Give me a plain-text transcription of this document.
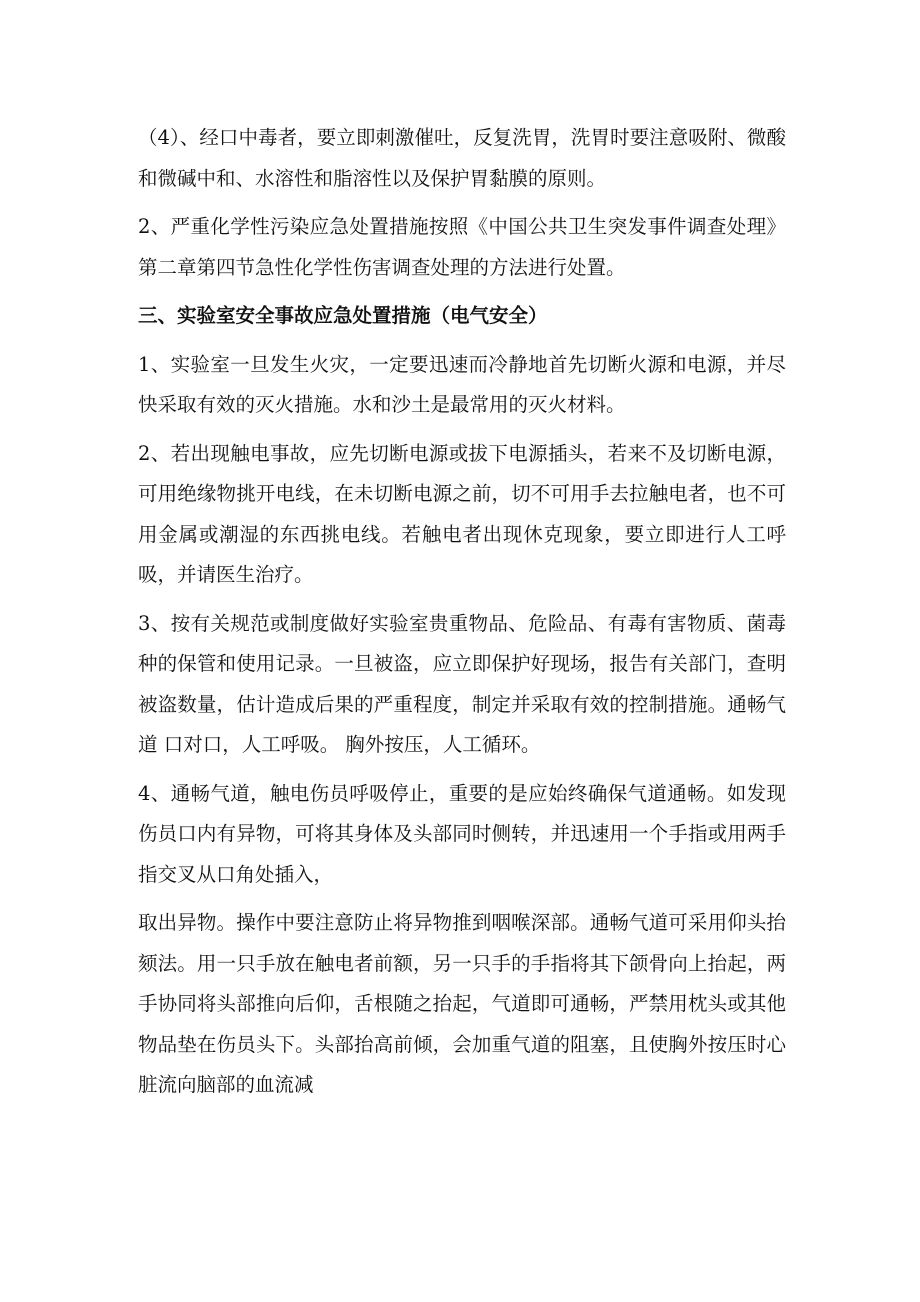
（4）、经口中毒者，要立即刺激催吐，反复洗胃，洗胃时要注意吸附、微酸和微碱中和、水溶性和脂溶性以及保护胃黏膜的原则。

2、严重化学性污染应急处置措施按照《中国公共卫生突发事件调查处理》第二章第四节急性化学性伤害调查处理的方法进行处置。

三、实验室安全事故应急处置措施（电气安全）

1、实验室一旦发生火灾，一定要迅速而冷静地首先切断火源和电源，并尽快采取有效的灭火措施。水和沙土是最常用的灭火材料。

2、若出现触电事故，应先切断电源或拔下电源插头，若来不及切断电源，可用绝缘物挑开电线，在未切断电源之前，切不可用手去拉触电者，也不可用金属或潮湿的东西挑电线。若触电者出现休克现象，要立即进行人工呼吸，并请医生治疗。

3、按有关规范或制度做好实验室贵重物品、危险品、有毒有害物质、菌毒种的保管和使用记录。一旦被盗，应立即保护好现场，报告有关部门，查明被盗数量，估计造成后果的严重程度，制定并采取有效的控制措施。通畅气道 口对口，人工呼吸。 胸外按压，人工循环。

4、通畅气道，触电伤员呼吸停止，重要的是应始终确保气道通畅。如发现伤员口内有异物，可将其身体及头部同时侧转，并迅速用一个手指或用两手指交叉从口角处插入，

取出异物。操作中要注意防止将异物推到咽喉深部。通畅气道可采用仰头抬颏法。用一只手放在触电者前额，另一只手的手指将其下颌骨向上抬起，两手协同将头部推向后仰，舌根随之抬起，气道即可通畅，严禁用枕头或其他物品垫在伤员头下。头部抬高前倾，会加重气道的阻塞，且使胸外按压时心脏流向脑部的血流减
